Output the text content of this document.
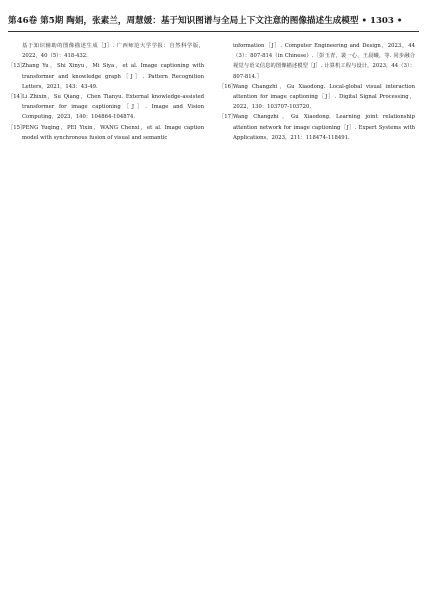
第46卷 第5期 陶娟，张素兰，周慧媛：基于知识图谱与全局上下文注意的图像描述生成模型 • 1303 •

基于知识辅助的图像描述生成［J］. 广西师范大学学报：自然科学版，2022，40（5）：418-432.

［13］
Zhang Yu，Shi Xinyu，Mi Siya，et al. Image captioning with transformer and knowledge graph［J］. Pattern Recognition Letters，2021，143：43-49.

［14］
Li Zhixin，Su Qiang，Chen Tianyu. External knowledge-assisted transformer for image captioning［J］. Image and Vision Computing，2023，140：104864-104874.

［15］
PENG Yuqing，PEI Yixin，WANG Chenxi，et al. Image caption model with synchronous fusion of visual and semantic

information［J］. Computer Engineering and Design，2023，44（3）：807-814（in Chinese）.［彭玉青，裴一心，王晨曦，等. 同步融合视觉与语义信息的图像描述模型［J］. 计算机工程与设计，2023，44（3）：807-814.］

［16］
Wang Changzhi，Gu Xiaodong. Local-global visual interaction attention for image captioning［J］. Digital Signal Processing，2022，130：103707-103720.

［17］
Wang Changzhi，Gu Xiaodong. Learning joint relationship attention network for image captioning［J］. Expert Systems with Applications，2023，211：118474-118491.
